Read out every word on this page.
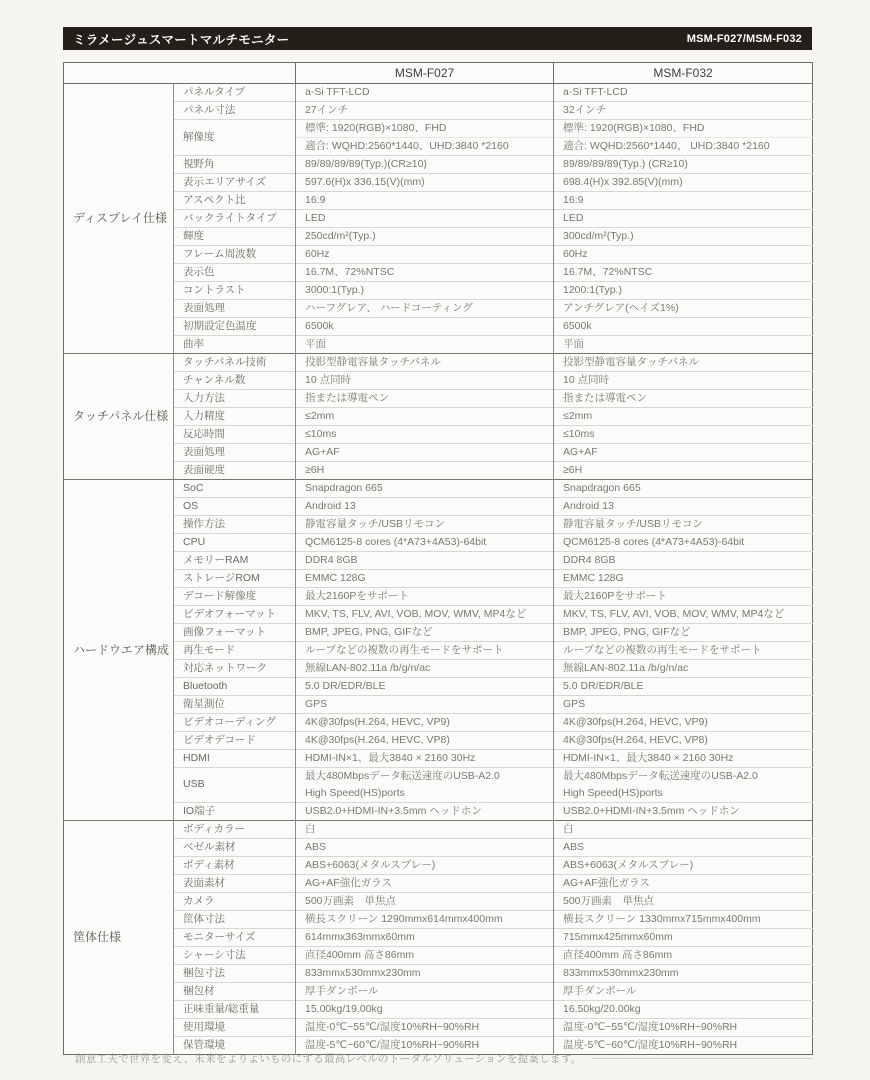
ミラメージュスマートマルチモニター	MSM-F027/MSM-F032
		MSM-F027	MSM-F032
ディスプレイ仕様	パネルタイプ	a-Si TFT-LCD	a-Si TFT-LCD
	パネル寸法	27インチ	32インチ
	解像度	標準: 1920(RGB)×1080、FHD	標準: 1920(RGB)×1080、FHD
		適合: WQHD:2560*1440、UHD:3840 *2160	適合: WQHD:2560*1440、 UHD:3840 *2160
	視野角	89/89/89/89(Typ.)(CR≥10)	89/89/89/89(Typ.) (CR≥10)
	表示エリアサイズ	597.6(H)x 336.15(V)(mm)	698.4(H)x 392.85(V)(mm)
	アスペクト比	16:9	16:9
	バックライトタイプ	LED	LED
	輝度	250cd/m²(Typ.)	300cd/m²(Typ.)
	フレーム周波数	60Hz	60Hz
	表示色	16.7M、72%NTSC	16.7M、72%NTSC
	コントラスト	3000:1(Typ.)	1200:1(Typ.)
	表面処理	ハーフグレア、 ハードコーティング	アンチグレア(ヘイズ1%)
	初期設定色温度	6500k	6500k
	曲率	平面	平面
タッチパネル仕様	タッチパネル技術	投影型静電容量タッチパネル	投影型静電容量タッチパネル
	チャンネル数	10 点同時	10 点同時
	入力方法	指または導電ペン	指または導電ペン
	入力精度	≤2mm	≤2mm
	反応時間	≤10ms	≤10ms
	表面処理	AG+AF	AG+AF
	表面硬度	≥6H	≥6H
ハードウエア構成	SoC	Snapdragon 665	Snapdragon 665
	OS	Android 13	Android 13
	操作方法	静電容量タッチ/USBリモコン	静電容量タッチ/USBリモコン
	CPU	QCM6125-8 cores (4*A73+4A53)-64bit	QCM6125-8 cores (4*A73+4A53)-64bit
	メモリーRAM	DDR4 8GB	DDR4 8GB
	ストレージROM	EMMC 128G	EMMC 128G
	デコード解像度	最大2160Pをサポート	最大2160Pをサポート
	ビデオフォーマット	MKV, TS, FLV, AVI, VOB, MOV, WMV, MP4など	MKV, TS, FLV, AVI, VOB, MOV, WMV, MP4など
	画像フォーマット	BMP, JPEG, PNG, GIFなど	BMP, JPEG, PNG, GIFなど
	再生モード	ループなどの複数の再生モードをサポート	ループなどの複数の再生モードをサポート
	対応ネットワーク	無線LAN-802.11a /b/g/n/ac	無線LAN-802.11a /b/g/n/ac
	Bluetooth	5.0 DR/EDR/BLE	5.0 DR/EDR/BLE
	衛星測位	GPS	GPS
	ビデオコーディング	4K@30fps(H.264, HEVC, VP9)	4K@30fps(H.264, HEVC, VP9)
	ビデオデコード	4K@30fps(H.264, HEVC, VP8)	4K@30fps(H.264, HEVC, VP8)
	HDMI	HDMI-IN×1、最大3840 × 2160 30Hz	HDMI-IN×1、最大3840 × 2160 30Hz
	USB	最大480Mbpsデータ転送速度のUSB-A2.0	最大480Mbpsデータ転送速度のUSB-A2.0
		High Speed(HS)ports	High Speed(HS)ports
	IO端子	USB2.0+HDMI-IN+3.5mm ヘッドホン	USB2.0+HDMI-IN+3.5mm ヘッドホン
筐体仕様	ボディカラー	白	白
	ベゼル素材	ABS	ABS
	ボディ素材	ABS+6063(メタルスプレー)	ABS+6063(メタルスプレー)
	表面素材	AG+AF強化ガラス	AG+AF強化ガラス
	カメラ	500万画素　単焦点	500万画素　単焦点
	筐体寸法	横長スクリーン 1290mmx614mmx400mm	横長スクリーン 1330mmx715mmx400mm
	モニターサイズ	614mmx363mmx60mm	715mmx425mmx60mm
	シャーシ寸法	直径400mm 高さ86mm	直径400mm 高さ86mm
	梱包寸法	833mmx530mmx230mm	833mmx530mmx230mm
	梱包材	厚手ダンボール	厚手ダンボール
	正味重量/総重量	15.00kg/19.00kg	16.50kg/20.00kg
	使用環境	温度-0℃~55℃/湿度10%RH~90%RH	温度-0℃~55℃/湿度10%RH~90%RH
	保管環境	温度-5℃~60℃/湿度10%RH~90%RH	温度-5℃~60℃/湿度10%RH~90%RH
創意工夫で世界を変え、未来をよりよいものにする最高レベルのトータルソリューションを提案します。
